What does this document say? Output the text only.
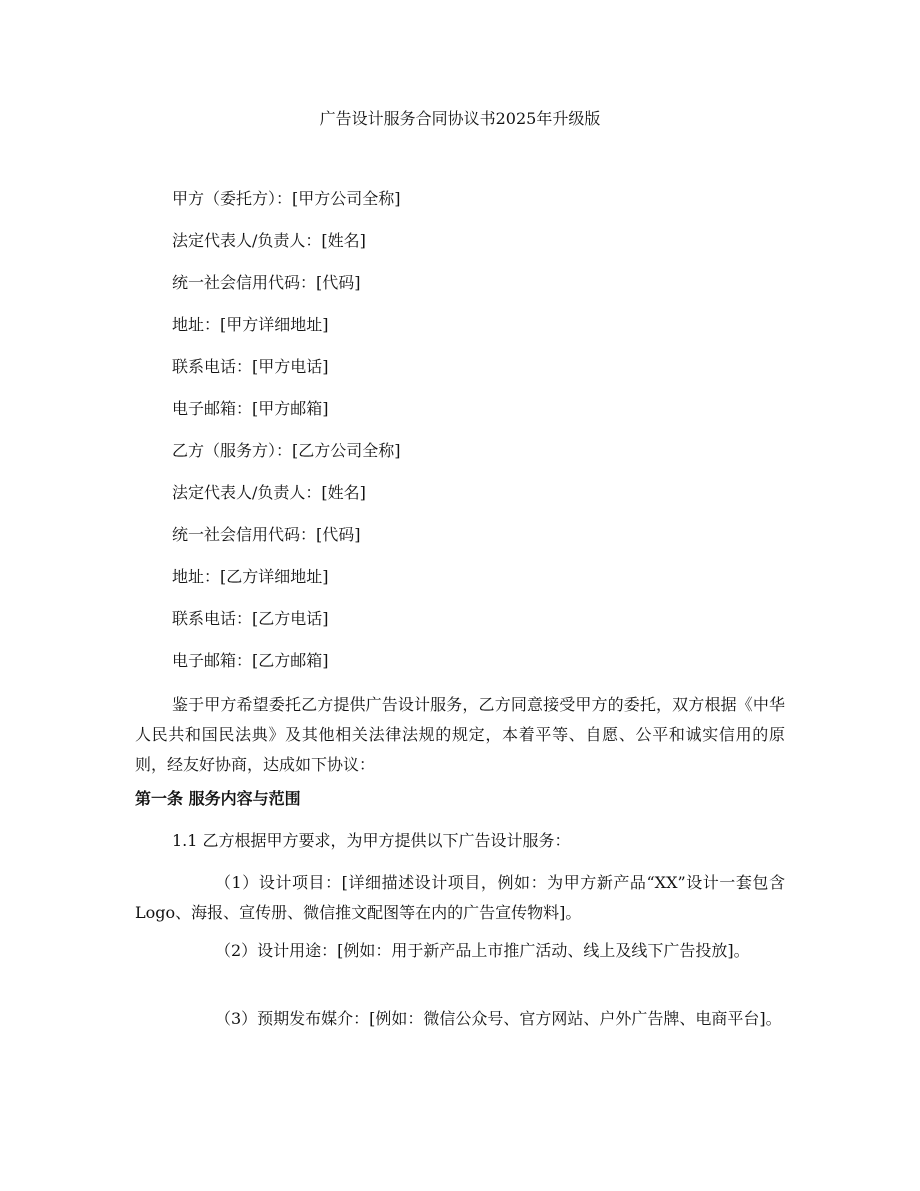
广告设计服务合同协议书2025年升级版
甲方（委托方）：[甲方公司全称]
法定代表人/负责人：[姓名]
统一社会信用代码：[代码]
地址：[甲方详细地址]
联系电话：[甲方电话]
电子邮箱：[甲方邮箱]
乙方（服务方）：[乙方公司全称]
法定代表人/负责人：[姓名]
统一社会信用代码：[代码]
地址：[乙方详细地址]
联系电话：[乙方电话]
电子邮箱：[乙方邮箱]

鉴于甲方希望委托乙方提供广告设计服务，乙方同意接受甲方的委托，双方根据《中华人民共和国民法典》及其他相关法律法规的规定，本着平等、自愿、公平和诚实信用的原则，经友好协商，达成如下协议：

第一条 服务内容与范围

1.1 乙方根据甲方要求，为甲方提供以下广告设计服务：

（1）设计项目：[详细描述设计项目，例如：为甲方新产品“XX”设计一套包含Logo、海报、宣传册、微信推文配图等在内的广告宣传物料]。

（2）设计用途：[例如：用于新产品上市推广活动、线上及线下广告投放]。

（3）预期发布媒介：[例如：微信公众号、官方网站、户外广告牌、电商平台]。
